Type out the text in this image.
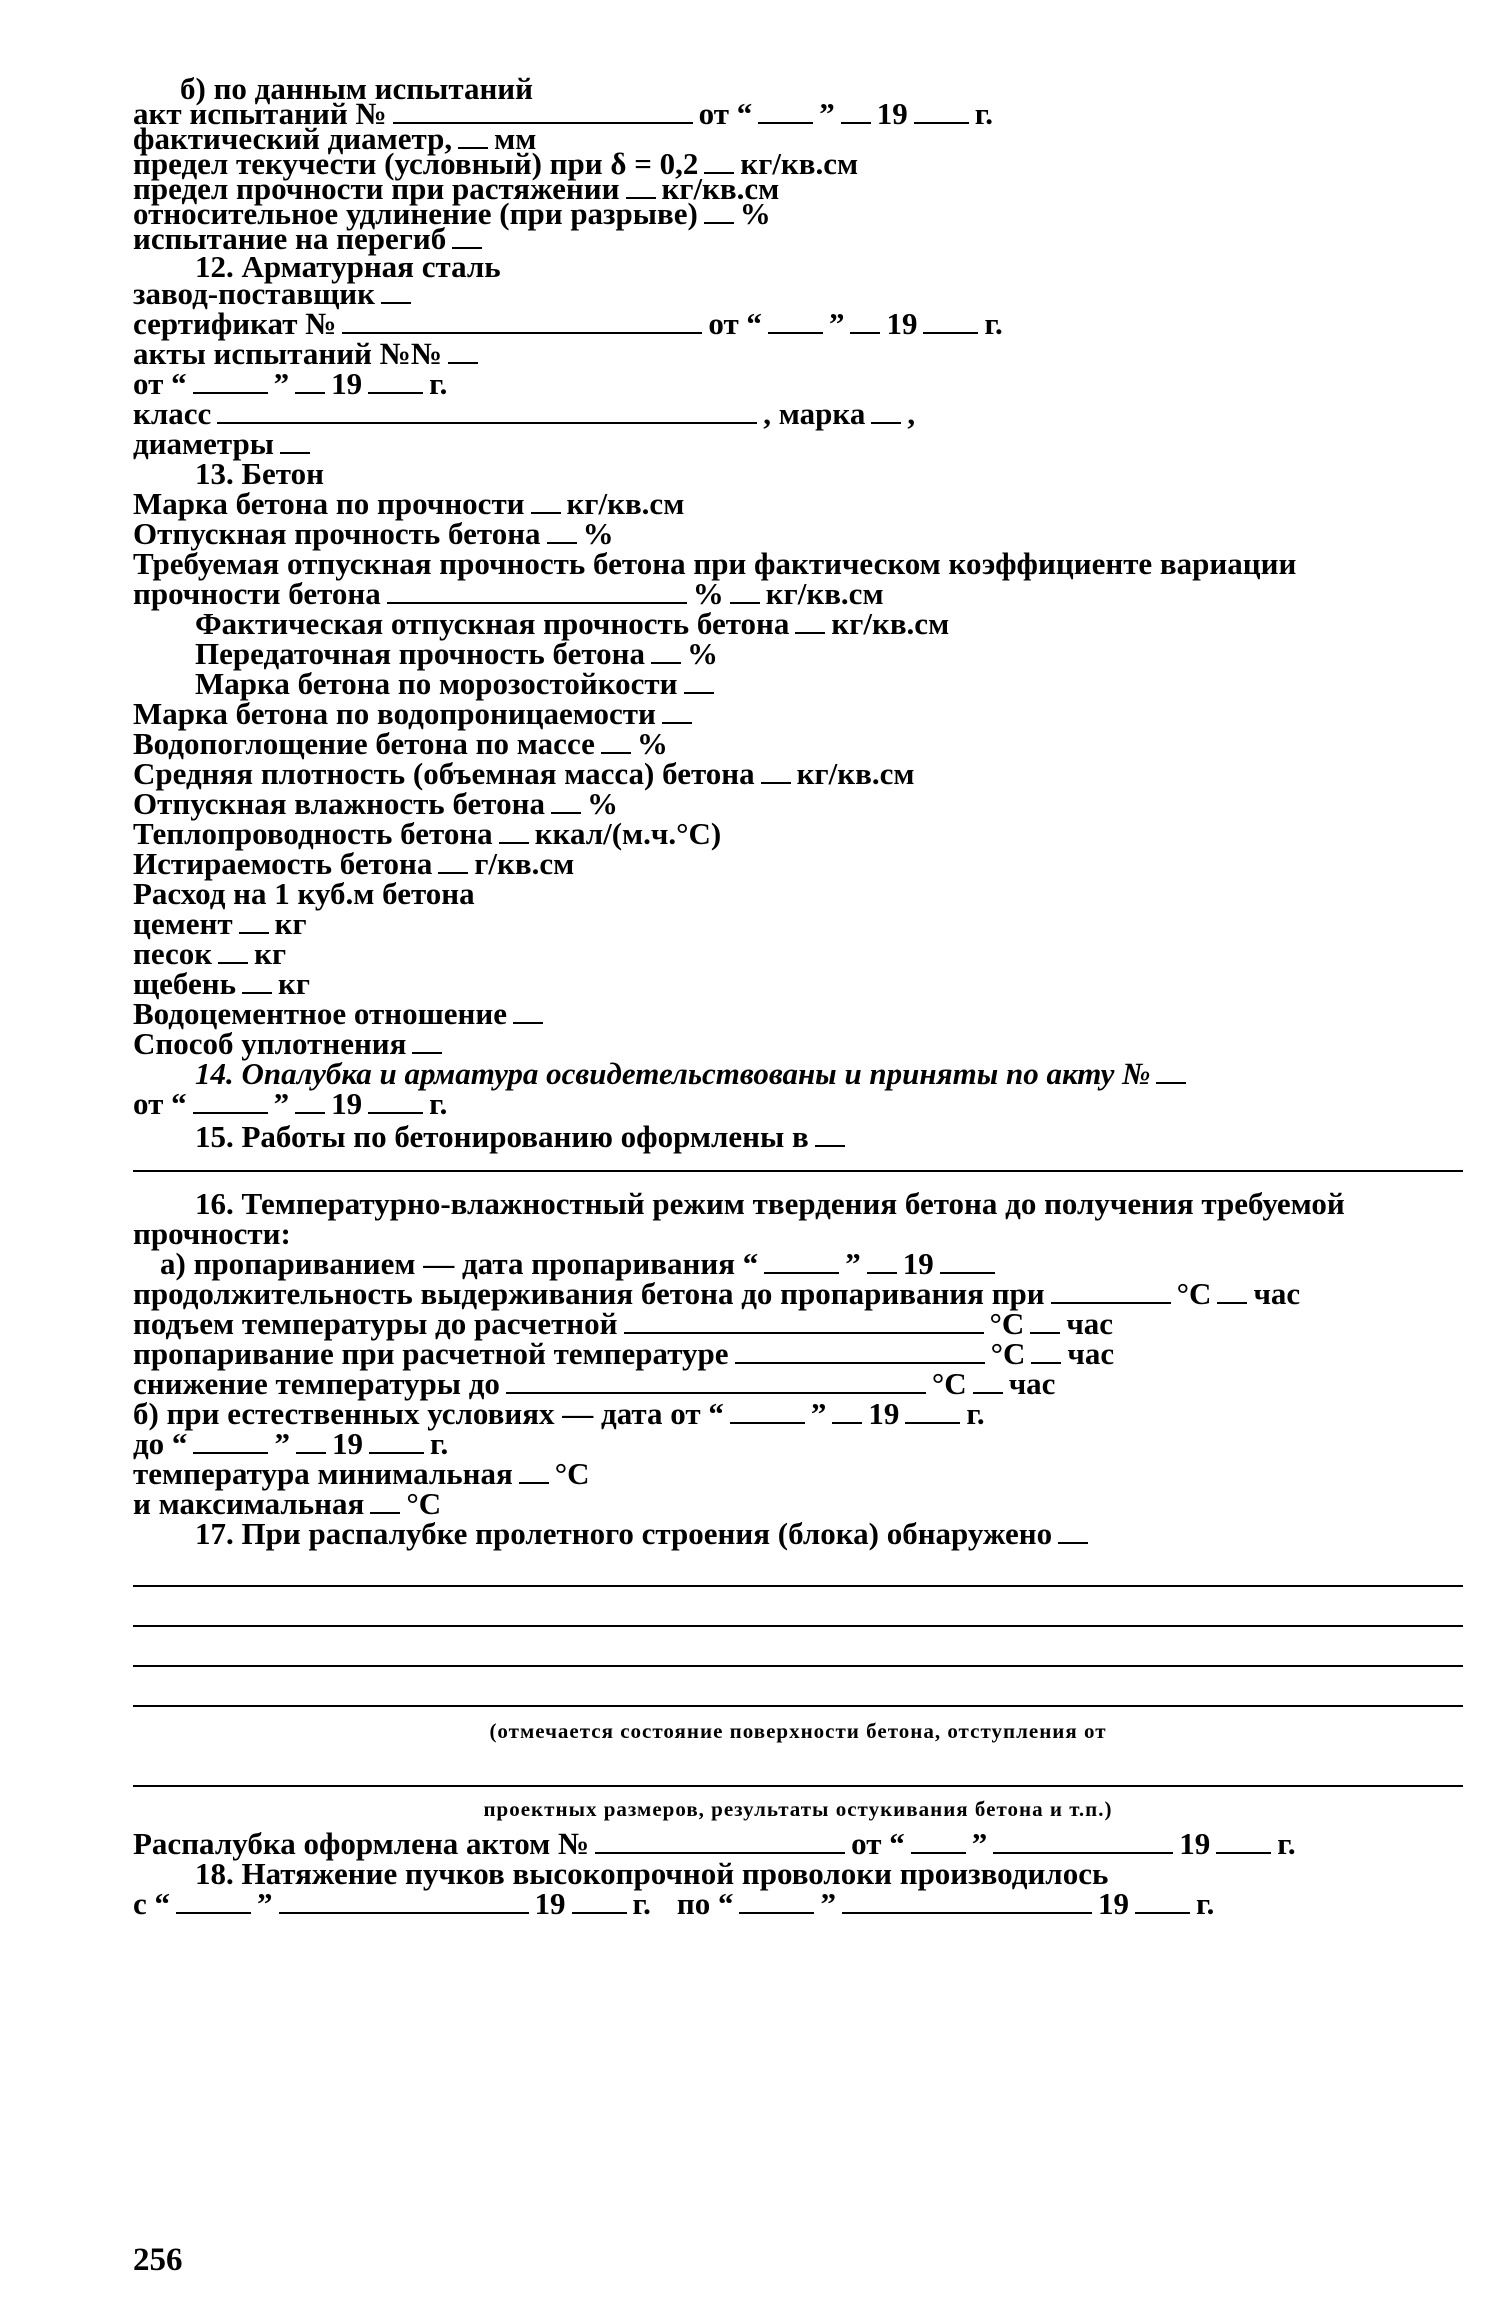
б) по данным испытаний
акт испытаний №	от “ ” 19 г.
фактический диаметр, мм
предел текучести (условный) при δ = 0,2 кг/кв.см
предел прочности при растяжении кг/кв.см
относительное удлинение (при разрыве) %
испытание на перегиб
12. Арматурная сталь
завод-поставщик
сертификат №	от “ ” 19 г.
акты испытаний №№
от “	” 19 г.
класс	, марка ,
диаметры
13. Бетон
Марка бетона по прочности кг/кв.см
Отпускная прочность бетона %
Требуемая отпускная прочность бетона при фактическом коэффициенте вариации
прочности бетона	% кг/кв.см
Фактическая отпускная прочность бетона кг/кв.см
Передаточная прочность бетона %
Марка бетона по морозостойкости
Марка бетона по водопроницаемости
Водопоглощение бетона по массе %
Средняя плотность (объемная масса) бетона кг/кв.см
Отпускная влажность бетона %
Теплопроводность бетона ккал/(м.ч.°C)
Истираемость бетона г/кв.см
Расход на 1 куб.м бетона
цемент кг
песок кг
щебень кг
Водоцементное отношение
Способ уплотнения
14. Опалубка и арматура освидетельствованы и приняты по акту №
от “	” 19 г.
15. Работы по бетонированию оформлены в
16. Температурно-влажностный режим твердения бетона до получения требуемой
прочности:
а) пропариванием — дата пропаривания “	” 19
продолжительность выдерживания бетона до пропаривания при	°C час
подъем температуры до расчетной	°C час
пропаривание при расчетной температуре	°C час
снижение температуры до	°C час
б) при естественных условиях — дата от “	” 19 г.
до “	” 19 г.
температура минимальная °C
и максимальная °C
17. При распалубке пролетного строения (блока) обнаружено
(отмечается состояние поверхности бетона, отступления от
проектных размеров, результаты остукивания бетона и т.п.)
Распалубка оформлена актом №	от “ ”	19 г.
18. Натяжение пучков высокопрочной проволоки производилось
с “	”	19 г. по “	”	19 г.
256
